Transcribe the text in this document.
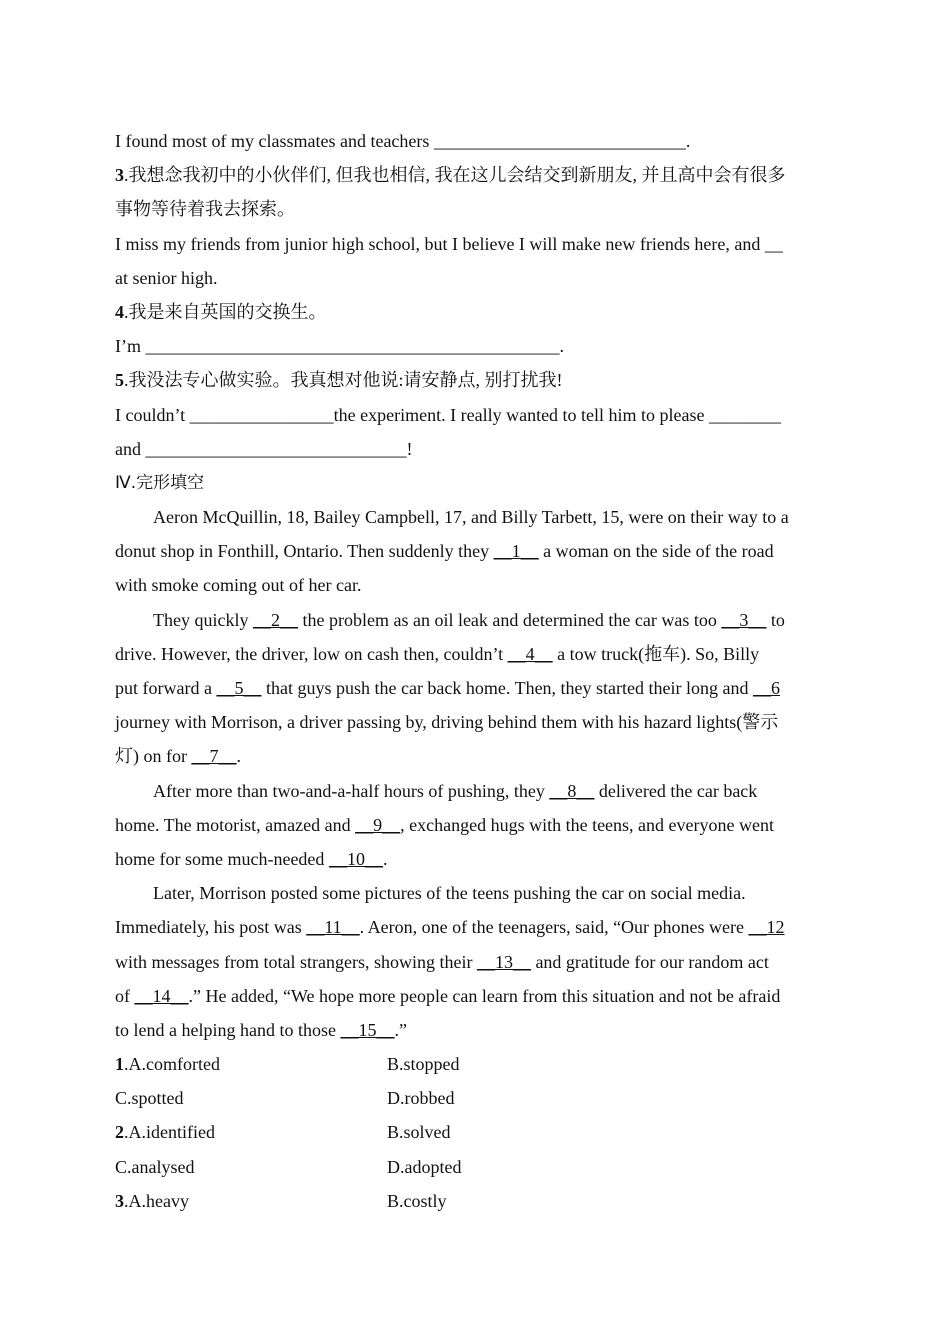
I found most of my classmates and teachers ____________________________.
3.我想念我初中的小伙伴们, 但我也相信, 我在这儿会结交到新朋友, 并且高中会有很多
事物等待着我去探索。
I miss my friends from junior high school, but I believe I will make new friends here, and __
at senior high.
4.我是来自英国的交换生。
I’m ______________________________________________.
5.我没法专心做实验。我真想对他说:请安静点, 别打扰我!
I couldn’t ________________the experiment. I really wanted to tell him to please ________
and _____________________________!
Ⅳ.完形填空
Aeron McQuillin, 18, Bailey Campbell, 17, and Billy Tarbett, 15, were on their way to a
donut shop in Fonthill, Ontario. Then suddenly they __1__ a woman on the side of the road
with smoke coming out of her car.
They quickly __2__ the problem as an oil leak and determined the car was too __3__ to
drive. However, the driver, low on cash then, couldn’t __4__ a tow truck(拖车). So, Billy
put forward a __5__ that guys push the car back home. Then, they started their long and __6
journey with Morrison, a driver passing by, driving behind them with his hazard lights(警示
灯) on for __7__.
After more than two-and-a-half hours of pushing, they __8__ delivered the car back
home. The motorist, amazed and __9__, exchanged hugs with the teens, and everyone went
home for some much-needed __10__.
Later, Morrison posted some pictures of the teens pushing the car on social media.
Immediately, his post was __11__. Aeron, one of the teenagers, said, “Our phones were __12
with messages from total strangers, showing their __13__ and gratitude for our random act
of __14__.” He added, “We hope more people can learn from this situation and not be afraid
to lend a helping hand to those __15__.”
1.A.comforted	B.stopped
C.spotted	D.robbed
2.A.identified	B.solved
C.analysed	D.adopted
3.A.heavy	B.costly
